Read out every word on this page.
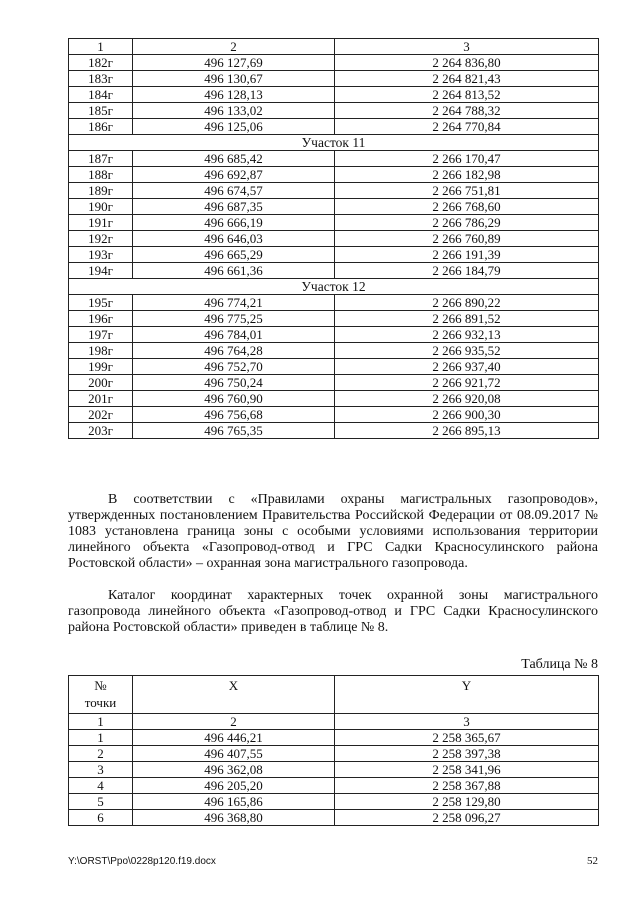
1	2	3
182г	496 127,69	2 264 836,80
183г	496 130,67	2 264 821,43
184г	496 128,13	2 264 813,52
185г	496 133,02	2 264 788,32
186г	496 125,06	2 264 770,84
Участок 11		
187г	496 685,42	2 266 170,47
188г	496 692,87	2 266 182,98
189г	496 674,57	2 266 751,81
190г	496 687,35	2 266 768,60
191г	496 666,19	2 266 786,29
192г	496 646,03	2 266 760,89
193г	496 665,29	2 266 191,39
194г	496 661,36	2 266 184,79
Участок 12		
195г	496 774,21	2 266 890,22
196г	496 775,25	2 266 891,52
197г	496 784,01	2 266 932,13
198г	496 764,28	2 266 935,52
199г	496 752,70	2 266 937,40
200г	496 750,24	2 266 921,72
201г	496 760,90	2 266 920,08
202г	496 756,68	2 266 900,30
203г	496 765,35	2 266 895,13

В соответствии с «Правилами охраны магистральных газопроводов», утвержденных постановлением Правительства Российской Федерации от 08.09.2017 № 1083 установлена граница зоны с особыми условиями использования территории линейного объекта «Газопровод-отвод и ГРС Садки Красносулинского района Ростовской области» – охранная зона магистрального газопровода.

Каталог координат характерных точек охранной зоны магистрального газопровода линейного объекта «Газопровод-отвод и ГРС Садки Красносулинского района Ростовской области» приведен в таблице № 8.

Таблица № 8

№
точки	X	Y
1	2	3
1	496 446,21	2 258 365,67
2	496 407,55	2 258 397,38
3	496 362,08	2 258 341,96
4	496 205,20	2 258 367,88
5	496 165,86	2 258 129,80
6	496 368,80	2 258 096,27
Y:\ORST\Ppo\0228p120.f19.docx	52
